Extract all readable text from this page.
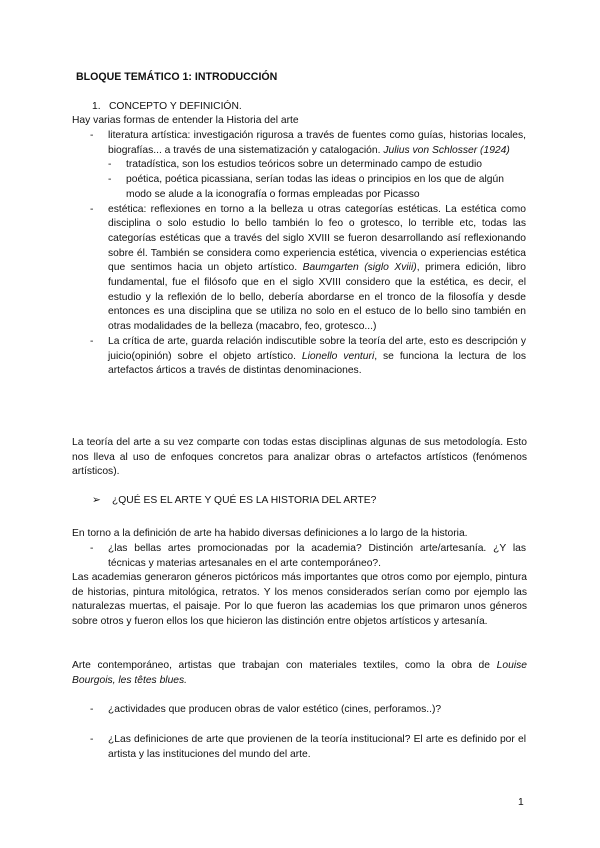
BLOQUE TEMÁTICO 1: INTRODUCCIÓN
1. CONCEPTO Y DEFINICIÓN.
Hay varias formas de entender la Historia del arte
- literatura artística: investigación rigurosa a través de fuentes como guías, historias locales, biografías... a través de una sistematización y catalogación. Julius von Schlosser (1924)
- tratadística, son los estudios teóricos sobre un determinado campo de estudio
- poética, poética picassiana, serían todas las ideas o principios en los que de algún modo se alude a la iconografía o formas empleadas por Picasso
- estética: reflexiones en torno a la belleza u otras categorías estéticas. La estética como disciplina o solo estudio lo bello también lo feo o grotesco, lo terrible etc, todas las categorías estéticas que a través del siglo XVIII se fueron desarrollando así reflexionando sobre él. También se considera como experiencia estética, vivencia o experiencias estética que sentimos hacia un objeto artístico. Baumgarten (siglo Xviii), primera edición, libro fundamental, fue el filósofo que en el siglo XVIII considero que la estética, es decir, el estudio y la reflexión de lo bello, debería abordarse en el tronco de la filosofía y desde entonces es una disciplina que se utiliza no solo en el estuco de lo bello sino también en otras modalidades de la belleza (macabro, feo, grotesco...)
- La crítica de arte, guarda relación indiscutible sobre la teoría del arte, esto es descripción y juicio(opinión) sobre el objeto artístico. Lionello venturi, se funciona la lectura de los artefactos árticos a través de distintas denominaciones.
La teoría del arte a su vez comparte con todas estas disciplinas algunas de sus metodología. Esto nos lleva al uso de enfoques concretos para analizar obras o artefactos artísticos (fenómenos artísticos).
➢ ¿QUÉ ES EL ARTE Y QUÉ ES LA HISTORIA DEL ARTE?
En torno a la definición de arte ha habido diversas definiciones a lo largo de la historia.
- ¿las bellas artes promocionadas por la academia? Distinción arte/artesanía. ¿Y las técnicas y materias artesanales en el arte contemporáneo?.
Las academias generaron géneros pictóricos más importantes que otros como por ejemplo, pintura de historias, pintura mitológica, retratos. Y los menos considerados serían como por ejemplo las naturalezas muertas, el paisaje. Por lo que fueron las academias los que primaron unos géneros sobre otros y fueron ellos los que hicieron las distinción entre objetos artísticos y artesanía.
Arte contemporáneo, artistas que trabajan con materiales textiles, como la obra de Louise Bourgois, les têtes blues.
- ¿actividades que producen obras de valor estético (cines, perforamos..)?
- ¿Las definiciones de arte que provienen de la teoría institucional? El arte es definido por el artista y las instituciones del mundo del arte.
1
